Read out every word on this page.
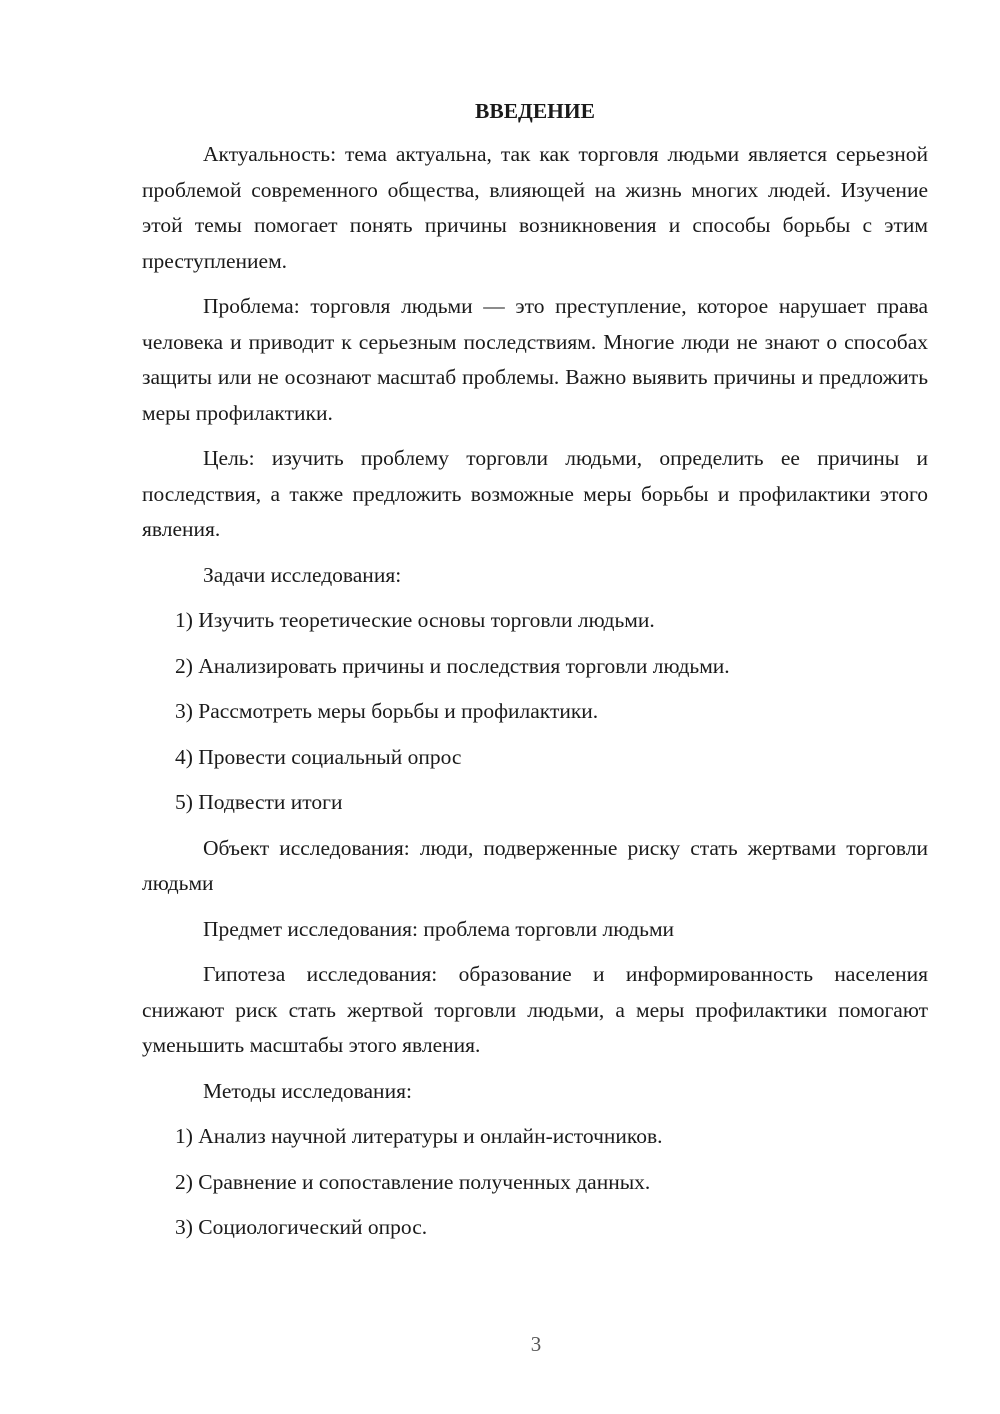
ВВЕДЕНИЕ

Актуальность: тема актуальна, так как торговля людьми является серьезной проблемой современного общества, влияющей на жизнь многих людей. Изучение этой темы помогает понять причины возникновения и способы борьбы с этим преступлением.

Проблема: торговля людьми — это преступление, которое нарушает права человека и приводит к серьезным последствиям. Многие люди не знают о способах защиты или не осознают масштаб проблемы. Важно выявить причины и предложить меры профилактики.

Цель: изучить проблему торговли людьми, определить ее причины и последствия, а также предложить возможные меры борьбы и профилактики этого явления.

Задачи исследования:

1) Изучить теоретические основы торговли людьми.

2) Анализировать причины и последствия торговли людьми.

3) Рассмотреть меры борьбы и профилактики.

4) Провести социальный опрос

5) Подвести итоги

Объект исследования: люди, подверженные риску стать жертвами торговли людьми

Предмет исследования: проблема торговли людьми

Гипотеза исследования: образование и информированность населения снижают риск стать жертвой торговли людьми, а меры профилактики помогают уменьшить масштабы этого явления.

Методы исследования:

1) Анализ научной литературы и онлайн-источников.

2) Сравнение и сопоставление полученных данных.

3) Социологический опрос.

3
